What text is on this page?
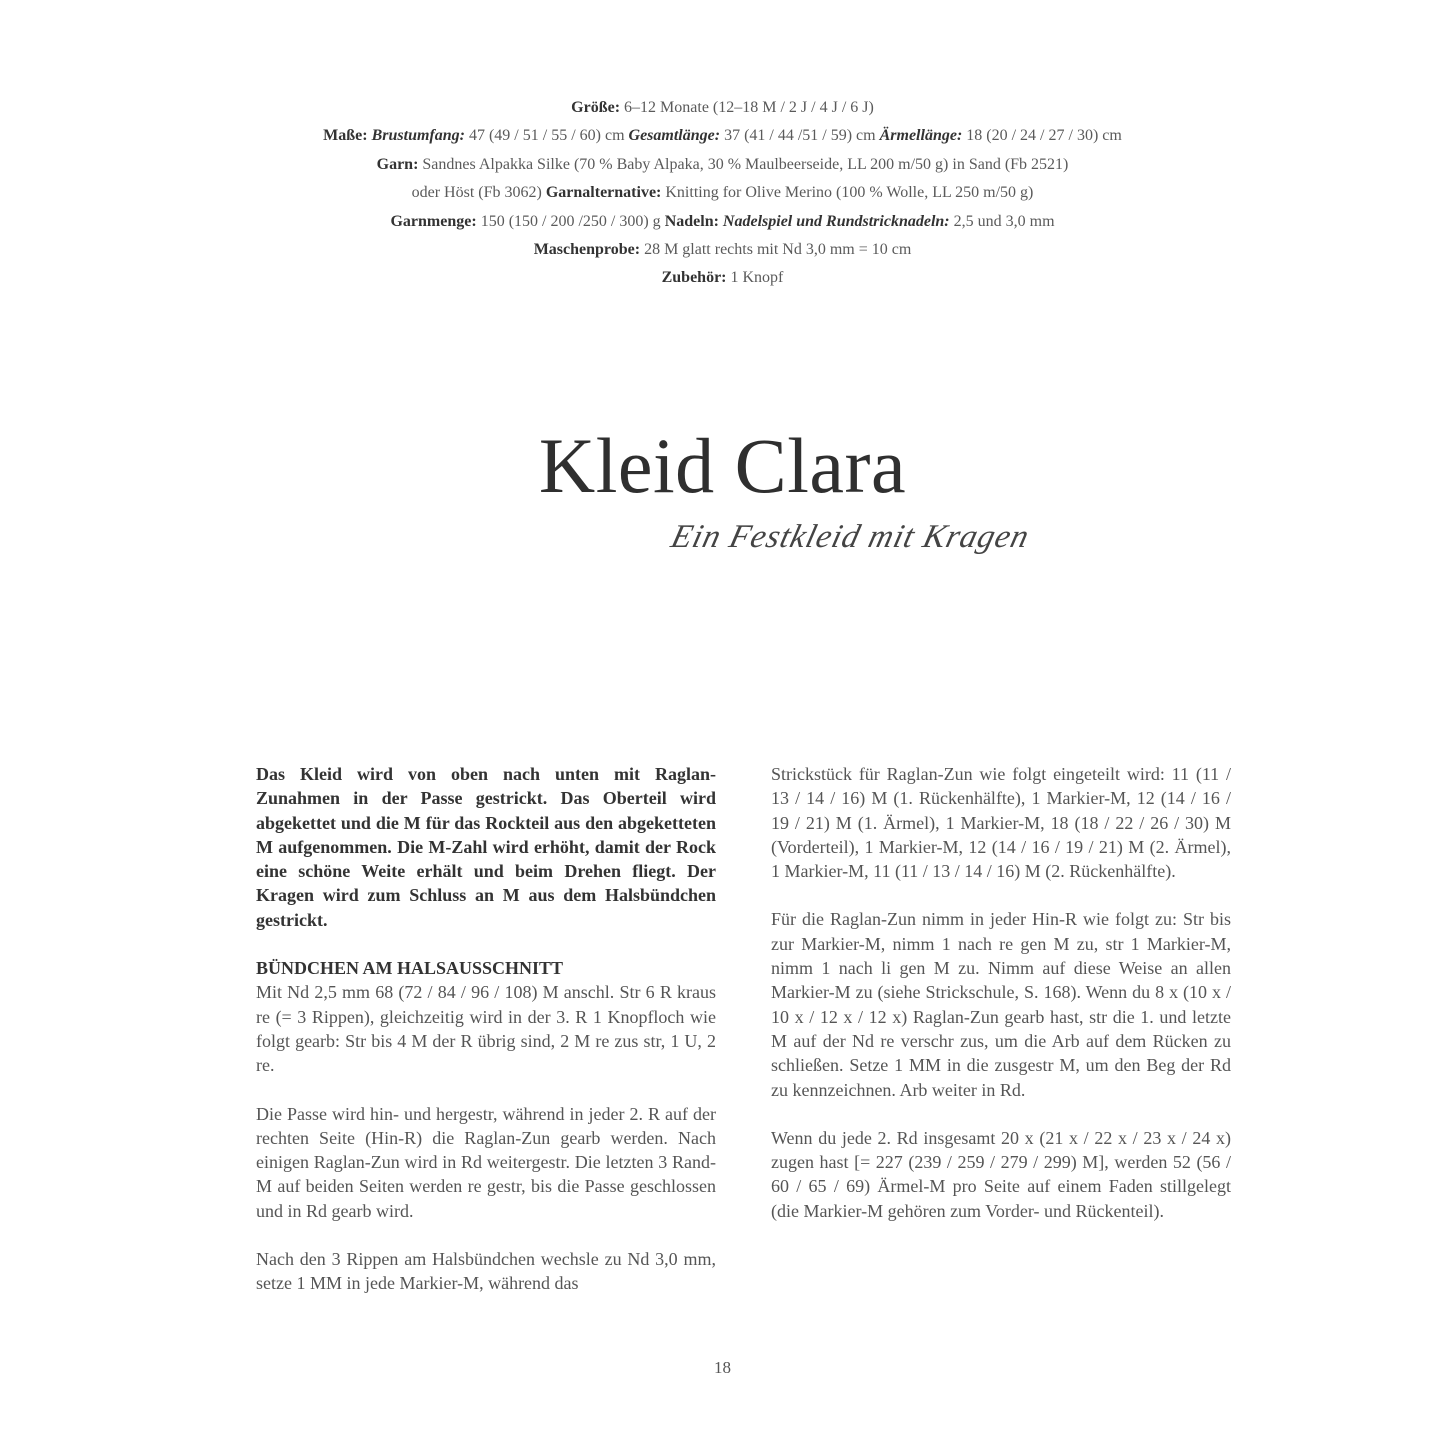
Größe: 6–12 Monate (12–18 M / 2 J / 4 J / 6 J)
Maße: Brustumfang: 47 (49 / 51 / 55 / 60) cm Gesamtlänge: 37 (41 / 44 /51 / 59) cm Ärmellänge: 18 (20 / 24 / 27 / 30) cm
Garn: Sandnes Alpakka Silke (70 % Baby Alpaka, 30 % Maulbeerseide, LL 200 m/50 g) in Sand (Fb 2521)
oder Höst (Fb 3062) Garnalternative: Knitting for Olive Merino (100 % Wolle, LL 250 m/50 g)
Garnmenge: 150 (150 / 200 /250 / 300) g Nadeln: Nadelspiel und Rundstricknadeln: 2,5 und 3,0 mm
Maschenprobe: 28 M glatt rechts mit Nd 3,0 mm = 10 cm
Zubehör: 1 Knopf
Kleid Clara
Ein Festkleid mit Kragen

Das Kleid wird von oben nach unten mit Raglan-Zunahmen in der Passe gestrickt. Das Oberteil wird abgekettet und die M für das Rockteil aus den abgeketteten M aufgenommen. Die M-Zahl wird erhöht, damit der Rock eine schöne Weite erhält und beim Drehen fliegt. Der Kragen wird zum Schluss an M aus dem Halsbündchen gestrickt.

BÜNDCHEN AM HALSAUSSCHNITT

Mit Nd 2,5 mm 68 (72 / 84 / 96 / 108) M anschl. Str 6 R kraus re (= 3 Rippen), gleichzeitig wird in der 3. R 1 Knopfloch wie folgt gearb: Str bis 4 M der R übrig sind, 2 M re zus str, 1 U, 2 re.

Die Passe wird hin- und hergestr, während in jeder 2. R auf der rechten Seite (Hin-R) die Raglan-Zun gearb werden. Nach einigen Raglan-Zun wird in Rd weitergestr. Die letzten 3 Rand-M auf beiden Seiten werden re gestr, bis die Passe geschlossen und in Rd gearb wird.

Nach den 3 Rippen am Halsbündchen wechsle zu Nd 3,0 mm, setze 1 MM in jede Markier-M, während das

Strickstück für Raglan-Zun wie folgt eingeteilt wird: 11 (11 / 13 / 14 / 16) M (1. Rückenhälfte), 1 Markier-M, 12 (14 / 16 / 19 / 21) M (1. Ärmel), 1 Markier-M, 18 (18 / 22 / 26 / 30) M (Vorderteil), 1 Markier-M, 12 (14 / 16 / 19 / 21) M (2. Ärmel), 1 Markier-M, 11 (11 / 13 / 14 / 16) M (2. Rückenhälfte).

Für die Raglan-Zun nimm in jeder Hin-R wie folgt zu: Str bis zur Markier-M, nimm 1 nach re gen M zu, str 1 Markier-M, nimm 1 nach li gen M zu. Nimm auf diese Weise an allen Markier-M zu (siehe Strickschule, S. 168). Wenn du 8 x (10 x / 10 x / 12 x / 12 x) Raglan-Zun gearb hast, str die 1. und letzte M auf der Nd re verschr zus, um die Arb auf dem Rücken zu schließen. Setze 1 MM in die zusgestr M, um den Beg der Rd zu kennzeichnen. Arb weiter in Rd.

Wenn du jede 2. Rd insgesamt 20 x (21 x / 22 x / 23 x / 24 x) zugen hast [= 227 (239 / 259 / 279 / 299) M], werden 52 (56 / 60 / 65 / 69) Ärmel-M pro Seite auf einem Faden stillgelegt (die Markier-M gehören zum Vorder- und Rückenteil).

18
